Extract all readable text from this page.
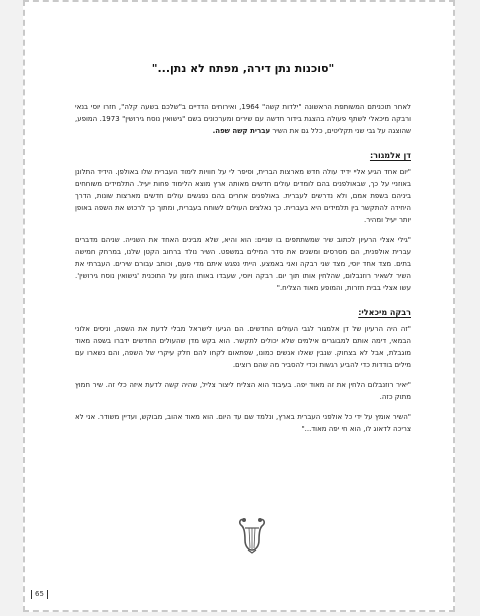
"סוכנות נתן דירה, מפתח לא נתן..."

לאחר תוכניתם המשותפת הראשונה "ילדות קשה" 1964, ואירוחים הדדיים ב"שלכם בשעה קלה", חזרו יוסי בנאי ורבקה מיכאלי לשתף פעולה בהצגת בידור חדשה עם שירים ומערכונים בשם "גישואין נוסח גירושין" 1973. המופע, שהוצגה על גבי שני תקליטים, כלל גם את השיר עברית קשה שפה.

דן אלמגור:

"יום אחד הגיע אליי ידיד עולה חדש מארצות הברית, וסיפר לי על חוויות לימוד העברית שלו באולפן. הידיד התלונן באוזניי על כך, שבאולפנים בהם לומדים עולים חדשים מאותה ארץ מוצא הלימוד פחות יעיל. התלמידים משוחחים ביניהם בשפת אמם, ולא נדרשים לעברית. באולפנים אחרים בהם נפגשים עולים חדשים מארצות שונות, הדרך היחידה להתקשר בין תלמידים היא בעברית. כך נאלצים העולים לשוחח בעברית, ומתוך כך לרכוש את השפה באופן יותר יעיל ומהיר.

"גילי אצלי הרעיון לכתוב שיר שמשתתפים בו שניים: הוא והיא, שלא מבינים האחד את השנייה. שניהם מדברים עברית אולפנית, הם מסרסים ומשנים את סדר המילים במשפט. השיר נולד ברחוב הקטן שלנו, במרחק חמישה בתים. מצד אחד יוסי, מצד שני רבקה ואני באמצע. הייתי נפגש איתם מדי פעם, וכותב עבורם שירים. העברתי את השיר לשאיר רוזנבלום, שהלחין אותו תוך יום. רבקה ויוסי, שעבדו באותו הזמן על התוכנית 'גישואין נוסח גירושין'. עשו אצלי בבית חזרות, והמופע מאוד הצליח."

רבקה מיכאלי:

"זה היה הרעיון של דן אלמגור לגבי העולים החדשים. הם הגיעו לישראל מבלי לדעת את השפה, וניסים אלוני הבמאי, דימה אותם למבוגרים אילמים שלא יכולים לתקשר. הוא בקש מדן שהעולים החדשים ידברו בשפה מאוד מוגבלת, אבל לא בצחוק. שנבין שאלו אנשים כמונו, שפתאום לקחו להם חלק עיקרי של השפה, והם נשארו עם מילים בודדות כדי להביע רגשות וכדי להסביר מה שהם רוצים.

"יאיר רוזנבלום הלחין את זה מאוד יפה. בעיבוד הוא הצליח ליצור צליל, שהיה קשה לדעת איזה כלי זה. שיר חמוץ מתוק כזה.

"השיר אומץ על ידי כל אולפני העברית בארץ, ונלמד שם עד היום. הוא מאוד אהוב, מבוקש, ועדיין משודר. אני לא צריכה לדאוג לו, הוא חי יפה מאוד..."

65
